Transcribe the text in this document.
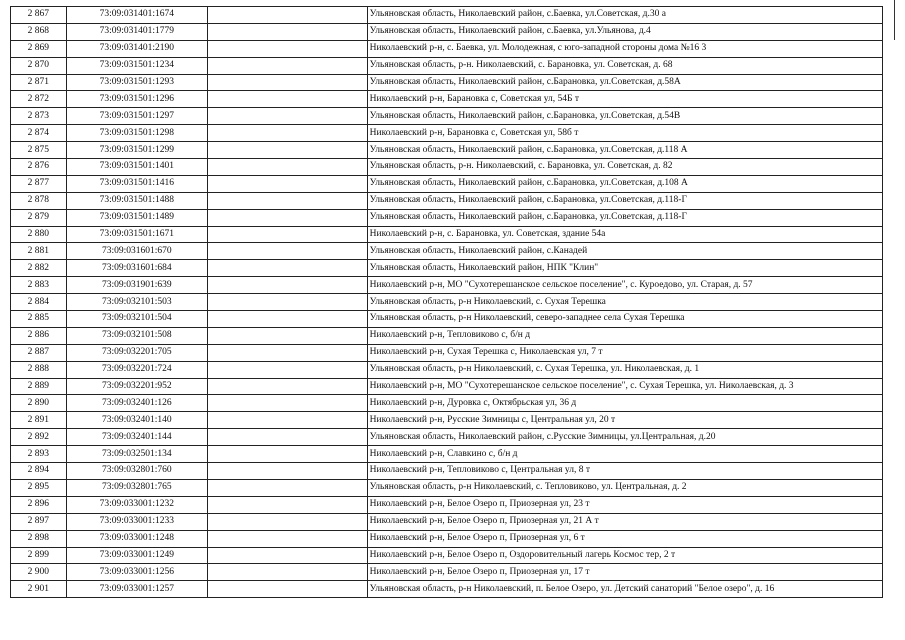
2 867	73:09:031401:1674		Ульяновская область, Николаевский район, с.Баевка, ул.Советская, д.30 а
2 868	73:09:031401:1779		Ульяновская область, Николаевский район, с.Баевка, ул.Ульянова, д.4
2 869	73:09:031401:2190		Николаевский р-н, с. Баевка, ул. Молодежная, с юго-западной стороны дома №16 3
2 870	73:09:031501:1234		Ульяновская область, р-н. Николаевский, с. Барановка, ул. Советская, д. 68
2 871	73:09:031501:1293		Ульяновская область, Николаевский район, с.Барановка, ул.Советская, д.58А
2 872	73:09:031501:1296		Николаевский р-н, Барановка с, Советская ул, 54Б т
2 873	73:09:031501:1297		Ульяновская область, Николаевский район, с.Барановка, ул.Советская, д.54В
2 874	73:09:031501:1298		Николаевский р-н, Барановка с, Советская ул, 58б т
2 875	73:09:031501:1299		Ульяновская область, Николаевский район, с.Барановка, ул.Советская, д.118 А
2 876	73:09:031501:1401		Ульяновская область, р-н. Николаевский, с. Барановка, ул. Советская, д. 82
2 877	73:09:031501:1416		Ульяновская область, Николаевский район, с.Барановка, ул.Советская, д.108 А
2 878	73:09:031501:1488		Ульяновская область, Николаевский район, с.Барановка, ул.Советская, д.118-Г
2 879	73:09:031501:1489		Ульяновская область, Николаевский район, с.Барановка, ул.Советская, д.118-Г
2 880	73:09:031501:1671		Николаевский р-н, с. Барановка, ул. Советская, здание 54а
2 881	73:09:031601:670		Ульяновская область, Николаевский район, с.Канадей
2 882	73:09:031601:684		Ульяновская область, Николаевский район, НПК "Клин"
2 883	73:09:031901:639		Николаевский р-н, МО "Сухотерешанское сельское поселение", с. Куроедово, ул. Старая, д. 57
2 884	73:09:032101:503		Ульяновская область, р-н Николаевский, с. Сухая Терешка
2 885	73:09:032101:504		Ульяновская область, р-н Николаевский, северо-западнее села Сухая Терешка
2 886	73:09:032101:508		Николаевский р-н, Тепловиково с, б/н д
2 887	73:09:032201:705		Николаевский р-н, Сухая Терешка с, Николаевская ул, 7 т
2 888	73:09:032201:724		Ульяновская область, р-н Николаевский, с. Сухая Терешка, ул. Николаевская, д. 1
2 889	73:09:032201:952		Николаевский р-н, МО "Сухотерешанское сельское поселение", с. Сухая Терешка, ул. Николаевская, д. 3
2 890	73:09:032401:126		Николаевский р-н, Дуровка с, Октябрьская ул, 36 д
2 891	73:09:032401:140		Николаевский р-н, Русские Зимницы с, Центральная ул, 20 т
2 892	73:09:032401:144		Ульяновская область, Николаевский район, с.Русские Зимницы, ул.Центральная, д.20
2 893	73:09:032501:134		Николаевский р-н, Славкино с, б/н д
2 894	73:09:032801:760		Николаевский р-н, Тепловиково с, Центральная ул, 8 т
2 895	73:09:032801:765		Ульяновская область, р-н Николаевский, с. Тепловиково, ул. Центральная, д. 2
2 896	73:09:033001:1232		Николаевский р-н, Белое Озеро п, Приозерная ул, 23 т
2 897	73:09:033001:1233		Николаевский р-н, Белое Озеро п, Приозерная ул, 21 А т
2 898	73:09:033001:1248		Николаевский р-н, Белое Озеро п, Приозерная ул, 6 т
2 899	73:09:033001:1249		Николаевский р-н, Белое Озеро п, Оздоровительный лагерь Космос тер, 2 т
2 900	73:09:033001:1256		Николаевский р-н, Белое Озеро п, Приозерная ул, 17 т
2 901	73:09:033001:1257		Ульяновская область, р-н Николаевский, п. Белое Озеро, ул. Детский санаторий "Белое озеро", д. 16
